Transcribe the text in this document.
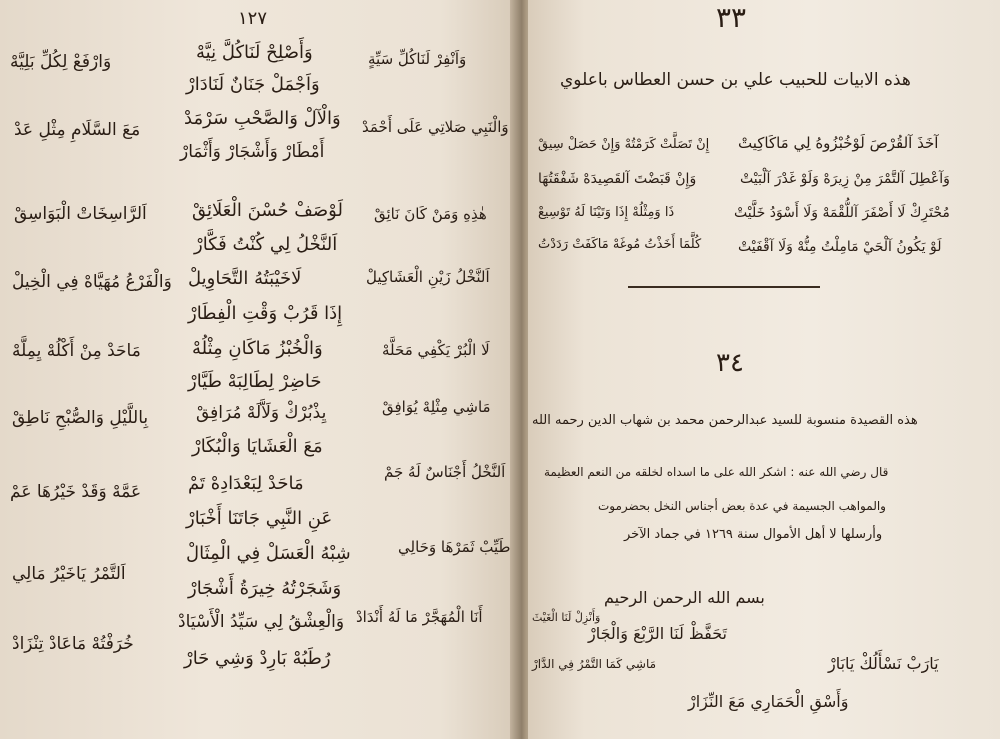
١٢٧
وَاَنْفِرْ لَنَاكُلِّ سَيِّةٍ
وَالْنَبِي صَلاتِي عَلَى أَحْمَدْ
هٰذِهِ وَمَنْ كَانَ نَائِقْ
اَلنَّخْلُ زَيْنِ الْعَشَاكِيلْ
لَا الْبُرْ يَكْفِي مَحَلَّهْ
مَاشِي مِثْلِهْ يُوَافِقْ
اَلنَّخْلُ أَجْنَاسٌ لَهُ جَمْ
طَيِّبْ ثَمَرْهَا وَحَالِي
أَنَا الْمُهَجَّرْ مَا لَهُ أَنْدَادْ
وَأَصْلِحْ لَنَاكُلَّ نِيَّهْ
وَاَجْمَلْ جَنَانٌ لَنَادَارْ
وَالْآلْ وَالصَّحْبِ سَرْمَدْ
أَمْطَارْ وَأَشْجَارْ وَأَثْمَارْ
لَوْصَفْ حُسْنَ الْعَلَائِقْ
اَلنَّخْلُ لِي كُنْتُ فَكَّارْ
لَاخَيْبَتُهُ التَّحَاوِيلْ
إِذَا قَرُبْ وَقْتِ الْفِطَارْ
وَالْخُبْزُ مَاكَانِ مِثْلُهْ
حَاضِرْ لِطَالِبَهْ طَيَّارْ
يِذْبُرْكْ وَلَاَّلَهْ مُرَافِقْ
مَعَ الْعَشَايَا وَالْبُكَارْ
مَاحَدْ لِبَعْدَادِهْ تَمْ
عَنِ النَّبِي جَاتَنَا أَخْبَارْ
شِبْهُ الْعَسَلْ فِي الْمِثَالْ
وَشَجَرْتُهُ خِيرَةُ أَشْجَارْ
وَالْعِشْقُ لِي سَيِّدُ الْأَسْيَادْ
رُطَبُهْ بَارِدْ وَشِي حَارْ
وَارْفَعْ لِكُلِّ بَلِيَّهْ
مَعَ السَّلَامِ مِثْلِ عَدْ
اَلرَّاسِخَاتْ الْبَوَاسِقْ
وَالْفَرْعُ مُهَيَّاهْ فِي الْخِيلْ
مَاحَدْ مِنْ أَكْلُهْ يِمِلَّهْ
بِاللَّيْلِ وَالصُّبْحِ نَاطِقْ
عَمَّهْ وَقَدْ خَيْرُهَا عَمْ
اَلتَّمْرُ يَاخَيْرُ مَالِي
خُرَفْتُهْ مَاعَادْ تِنْزَادْ
٣٣
هذه الابيات للحبيب علي بن حسن العطاس باعلوي
آخَذَ آلقُرْصَ لَوْخُبْزُوهُ لِي مَاكَاكِيتْ
وَآعْطِلَ آلتَّمْرَ مِنْ زِيرَهْ وَلَوْ غَدْرَ آلْبَيْتْ
مُحْتَرِكْ لَا أَصْفَرَ آللُّقْمَهْ وَلَا أَسْوَدُ خَلَّيْتْ
لَوْ يَكُونُ آلْحَيْ مَامِلْتُ مِنُّهْ وَلَا آقْفَيْتْ
إِنْ تَصَلَّتْ كَرَمْتُهْ وَإِنْ حَصَلْ سِيقْ
وَإِنْ قَبَضْتَ آلقَصِيدَهْ شَفْقَتُهَا
ذَا وَمِثْلُهْ إِذَا وَتَيْنَا لَهُ تَوْسِيعْ
كُلَّمَا أَخَذْتُ مُوغَهْ مَاكَفَتْ رَدَدْتُ
٣٤
هذه القصيدة منسوبة للسيد عبدالرحمن محمد بن شهاب الدين رحمه الله
قال رضي الله عنه : اشكر الله على ما اسداه لخلقه من النعم العظيمة
والمواهب الجسيمة في عدة بعض أجناس النخل بحضرموت
وأرسلها لا أهل الأموال سنة ١٢٦٩ في جماد الآخر
بسم الله الرحمن الرحيم
يَارَبْ نَسْأَلُكْ يَابَارْ
تَحَفَّظْ لَنَا الرَّبْعَ وَالْجَارْ
وَأَنْزِلْ لَنَا الْغَيْثَ
مَاشِي كَمَا التَّمْرُ فِي الدَّارْ
وَأَسْقِ الْحَمَارِي مَعَ النِّزَارْ
